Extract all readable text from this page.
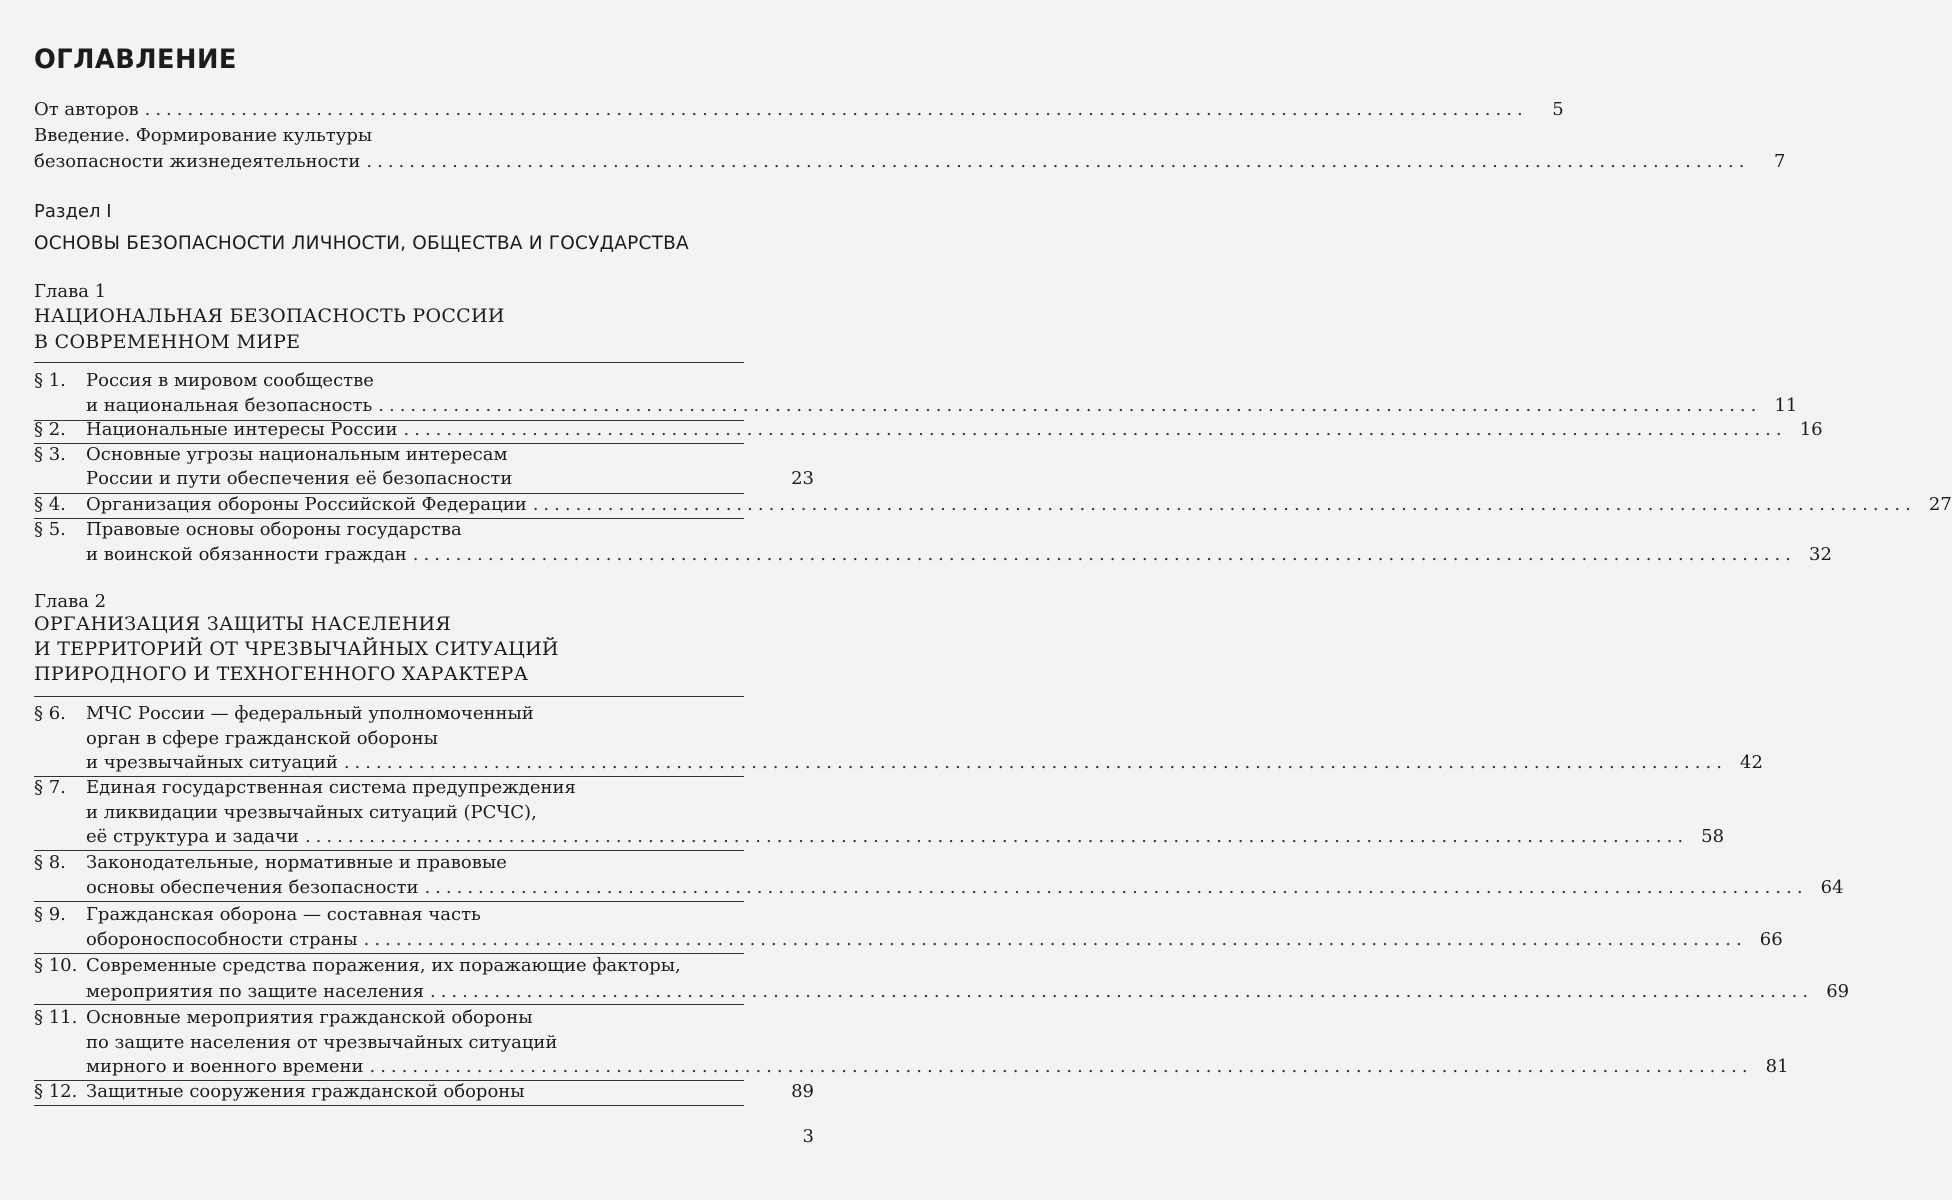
ОГЛАВЛЕНИЕ
От авторов .................................................................................................................................	5
Введение. Формирование культуры
безопасности жизнедеятельности .................................................................................................................................	7
Раздел I
ОСНОВЫ БЕЗОПАСНОСТИ ЛИЧНОСТИ, ОБЩЕСТВА И ГОСУДАРСТВА
Глава 1
НАЦИОНАЛЬНАЯ БЕЗОПАСНОСТЬ РОССИИ
В СОВРЕМЕННОМ МИРЕ
§ 1.	Россия в мировом сообществе
и национальная безопасность ................................................................................................................................. 11
§ 2.	Национальные интересы России ................................................................................................................................. 16
§ 3.	Основные угрозы национальным интересам
России и пути обеспечения её безопасности	23
§ 4.	Организация обороны Российской Федерации ................................................................................................................................. 27
§ 5.	Правовые основы обороны государства
и воинской обязанности граждан ................................................................................................................................. 32
Глава 2
ОРГАНИЗАЦИЯ ЗАЩИТЫ НАСЕЛЕНИЯ
И ТЕРРИТОРИЙ ОТ ЧРЕЗВЫЧАЙНЫХ СИТУАЦИЙ
ПРИРОДНОГО И ТЕХНОГЕННОГО ХАРАКТЕРА
§ 6.	МЧС России — федеральный уполномоченный
орган в сфере гражданской обороны
и чрезвычайных ситуаций ................................................................................................................................. 42
§ 7.	Единая государственная система предупреждения
и ликвидации чрезвычайных ситуаций (РСЧС),
её структура и задачи ................................................................................................................................. 58
§ 8.	Законодательные, нормативные и правовые
основы обеспечения безопасности ................................................................................................................................. 64
§ 9.	Гражданская оборона — составная часть
обороноспособности страны ................................................................................................................................. 66
§ 10. Современные средства поражения, их поражающие факторы,
мероприятия по защите населения ................................................................................................................................. 69
§ 11. Основные мероприятия гражданской обороны
по защите населения от чрезвычайных ситуаций
мирного и военного времени ................................................................................................................................. 81
§ 12. Защитные сооружения гражданской обороны	89
3
